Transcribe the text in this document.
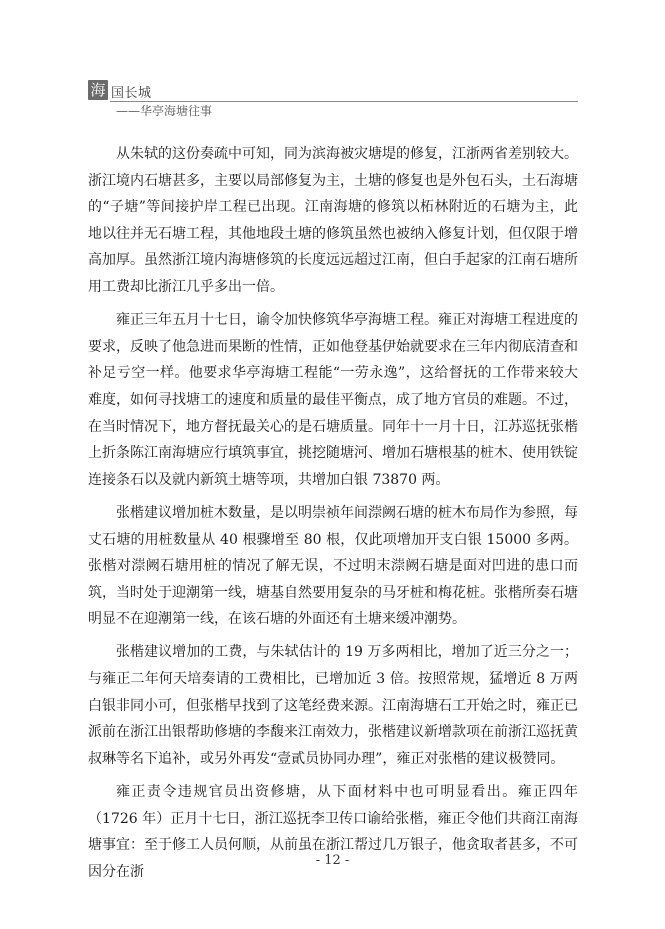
海 国长城
——华亭海塘往事

从朱轼的这份奏疏中可知，同为滨海被灾塘堤的修复，江浙两省差别较大。浙江境内石塘甚多，主要以局部修复为主，土塘的修复也是外包石头，土石海塘的“子塘”等间接护岸工程已出现。江南海塘的修筑以柘林附近的石塘为主，此地以往并无石塘工程，其他地段土塘的修筑虽然也被纳入修复计划，但仅限于增高加厚。虽然浙江境内海塘修筑的长度远远超过江南，但白手起家的江南石塘所用工费却比浙江几乎多出一倍。

雍正三年五月十七日，谕令加快修筑华亭海塘工程。雍正对海塘工程进度的要求，反映了他急进而果断的性情，正如他登基伊始就要求在三年内彻底清查和补足亏空一样。他要求华亭海塘工程能“一劳永逸”，这给督抚的工作带来较大难度，如何寻找塘工的速度和质量的最佳平衡点，成了地方官员的难题。不过，在当时情况下，地方督抚最关心的是石塘质量。同年十一月十日，江苏巡抚张楷上折条陈江南海塘应行填筑事宜，挑挖随塘河、增加石塘根基的桩木、使用铁锭连接条石以及就内新筑土塘等项，共增加白银 73870 两。

张楷建议增加桩木数量，是以明崇祯年间漴阙石塘的桩木布局作为参照，每丈石塘的用桩数量从 40 根骤增至 80 根，仅此项增加开支白银 15000 多两。张楷对漴阙石塘用桩的情况了解无误，不过明末漴阙石塘是面对凹进的患口而筑，当时处于迎潮第一线，塘基自然要用复杂的马牙桩和梅花桩。张楷所奏石塘明显不在迎潮第一线，在该石塘的外面还有土塘来缓冲潮势。

张楷建议增加的工费，与朱轼估计的 19 万多两相比，增加了近三分之一；与雍正二年何天培奏请的工费相比，已增加近 3 倍。按照常规，猛增近 8 万两白银非同小可，但张楷早找到了这笔经费来源。江南海塘石工开始之时，雍正已派前在浙江出银帮助修塘的李馥来江南效力，张楷建议新增款项在前浙江巡抚黄叔琳等名下追补，或另外再发“壹貳员协同办理”，雍正对张楷的建议极赞同。

雍正责令违规官员出资修塘，从下面材料中也可明显看出。雍正四年（1726 年）正月十七日，浙江巡抚李卫传口谕给张楷，雍正令他们共商江南海塘事宜：至于修工人员何顺，从前虽在浙江帮过几万银子，他贪取者甚多，不可因分在浙

- 12 -
